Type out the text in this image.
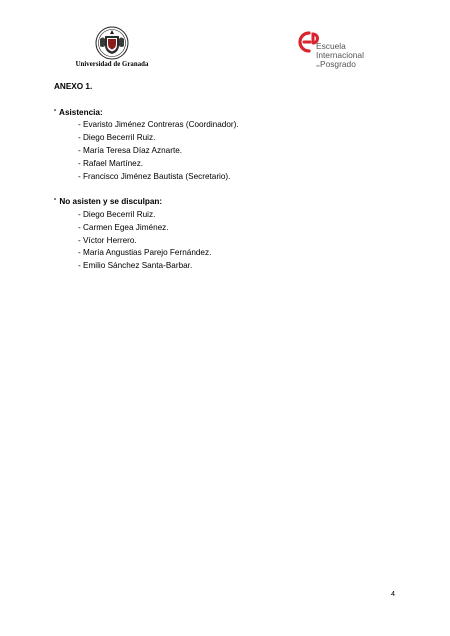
Universidad de Granada
Escuela
Internacional
dePosgrado

ANEXO 1.

$^ª$ Asistencia:

- Evaristo Jiménez Contreras (Coordinador).
- Diego Becerril Ruiz.
- María Teresa Díaz Aznarte.
- Rafael Martínez.
- Francisco Jiménez Bautista (Secretario).

$^ª$ No asisten y se disculpan:

- Diego Becerril Ruiz.
- Carmen Egea Jiménez.
- Víctor Herrero.
- María Angustias Parejo Fernández.
- Emilio Sánchez Santa-Barbar.
4
